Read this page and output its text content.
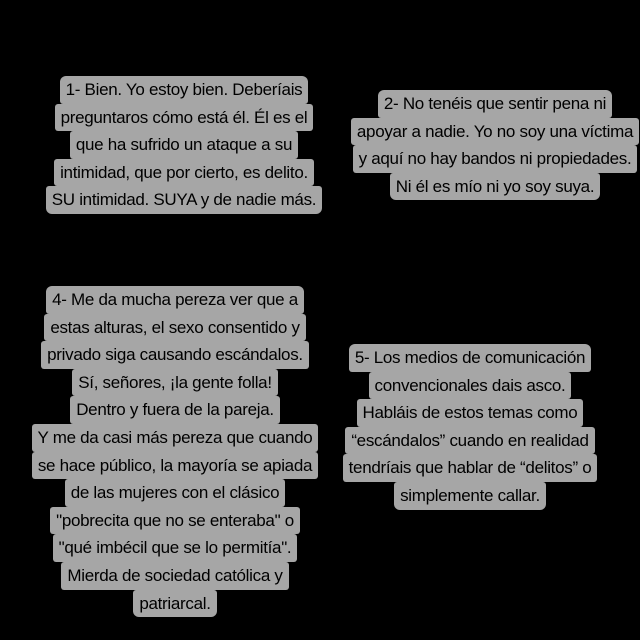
1- Bien. Yo estoy bien. Deberíais
preguntaros cómo está él. Él es el
que ha sufrido un ataque a su
intimidad, que por cierto, es delito.
SU intimidad. SUYA y de nadie más.
2- No tenéis que sentir pena ni
apoyar a nadie. Yo no soy una víctima
y aquí no hay bandos ni propiedades.
Ni él es mío ni yo soy suya.
4- Me da mucha pereza ver que a
estas alturas, el sexo consentido y
privado siga causando escándalos.
Sí, señores, ¡la gente folla!
Dentro y fuera de la pareja.
Y me da casi más pereza que cuando
se hace público, la mayoría se apiada
de las mujeres con el clásico
"pobrecita que no se enteraba" o
"qué imbécil que se lo permitía".
Mierda de sociedad católica y
patriarcal.
5- Los medios de comunicación
convencionales dais asco.
Habláis de estos temas como
“escándalos” cuando en realidad
tendríais que hablar de “delitos” o
simplemente callar.
